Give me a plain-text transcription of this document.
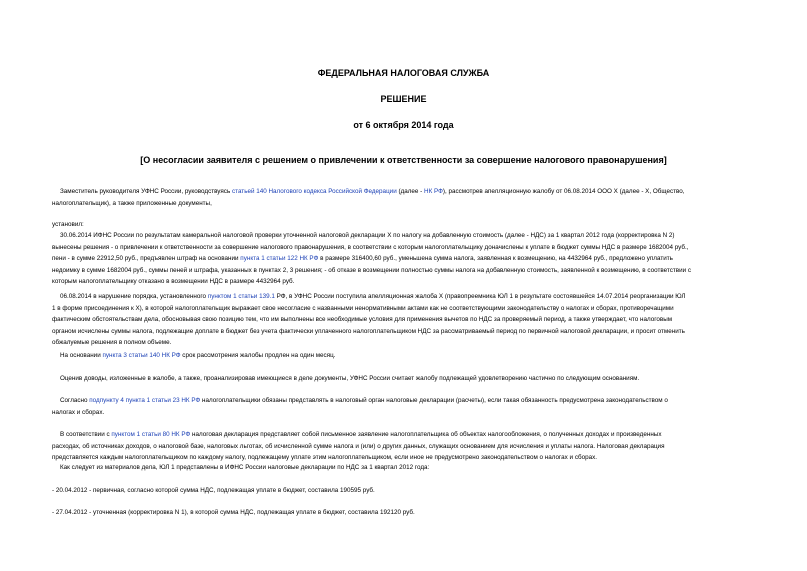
ФЕДЕРАЛЬНАЯ НАЛОГОВАЯ СЛУЖБА
РЕШЕНИЕ
от 6 октября 2014 года
[О несогласии заявителя с решением о привлечении к ответственности за совершение налогового правонарушения]
Заместитель руководителя УФНС России, руководствуясь статьей 140 Налогового кодекса Российской Федерации (далее - НК РФ), рассмотрев апелляционную жалобу от 06.08.2014 ООО X (далее - X, Общество,
налогоплательщик), а также приложенные документы,
установил:
30.06.2014 ИФНС России по результатам камеральной налоговой проверки уточненной налоговой декларации X по налогу на добавленную стоимость (далее - НДС) за 1 квартал 2012 года (корректировка N 2)
вынесены решения - о привлечении к ответственности за совершение налогового правонарушения, в соответствии с которым налогоплательщику доначислены к уплате в бюджет суммы НДС в размере 1682004 руб.,
пени - в сумме 22912,50 руб., предъявлен штраф на основании пункта 1 статьи 122 НК РФ в размере 316400,60 руб., уменьшена сумма налога, заявленная к возмещению, на 4432964 руб., предложено уплатить
недоимку в сумме 1682004 руб., суммы пеней и штрафа, указанных в пунктах 2, 3 решения; - об отказе в возмещении полностью суммы налога на добавленную стоимость, заявленной к возмещению, в соответствии с
которым налогоплательщику отказано в возмещении НДС в размере 4432964 руб.
06.08.2014 в нарушение порядка, установленного пунктом 1 статьи 139.1 РФ, в УФНС России поступила апелляционная жалоба X (правопреемника ЮЛ 1 в результате состоявшейся 14.07.2014 реорганизации ЮЛ
1 в форме присоединения к X), в которой налогоплательщик выражает свое несогласие с названными ненормативными актами как не соответствующими законодательству о налогах и сборах, противоречащими
фактическим обстоятельствам дела, обосновывая свою позицию тем, что им выполнены все необходимые условия для применения вычетов по НДС за проверяемый период, а также утверждает, что налоговым
органом исчислены суммы налога, подлежащие доплате в бюджет без учета фактически уплаченного налогоплательщиком НДС за рассматриваемый период по первичной налоговой декларации, и просит отменить
обжалуемые решения в полном объеме.
На основании пункта 3 статьи 140 НК РФ срок рассмотрения жалобы продлен на один месяц.
Оценив доводы, изложенные в жалобе, а также, проанализировав имеющиеся в деле документы, УФНС России считает жалобу подлежащей удовлетворению частично по следующим основаниям.
Согласно подпункту 4 пункта 1 статьи 23 НК РФ налогоплательщики обязаны представлять в налоговый орган налоговые декларации (расчеты), если такая обязанность предусмотрена законодательством о
налогах и сборах.
В соответствии с пунктом 1 статьи 80 НК РФ налоговая декларация представляет собой письменное заявление налогоплательщика об объектах налогообложения, о полученных доходах и произведенных
расходах, об источниках доходов, о налоговой базе, налоговых льготах, об исчисленной сумме налога и (или) о других данных, служащих основанием для исчисления и уплаты налога. Налоговая декларация
представляется каждым налогоплательщиком по каждому налогу, подлежащему уплате этим налогоплательщиком, если иное не предусмотрено законодательством о налогах и сборах.
Как следует из материалов дела, ЮЛ 1 представлены в ИФНС России налоговые декларации по НДС за 1 квартал 2012 года:
- 20.04.2012 - первичная, согласно которой сумма НДС, подлежащая уплате в бюджет, составила 190595 руб.
- 27.04.2012 - уточненная (корректировка N 1), в которой сумма НДС, подлежащая уплате в бюджет, составила 192120 руб.
